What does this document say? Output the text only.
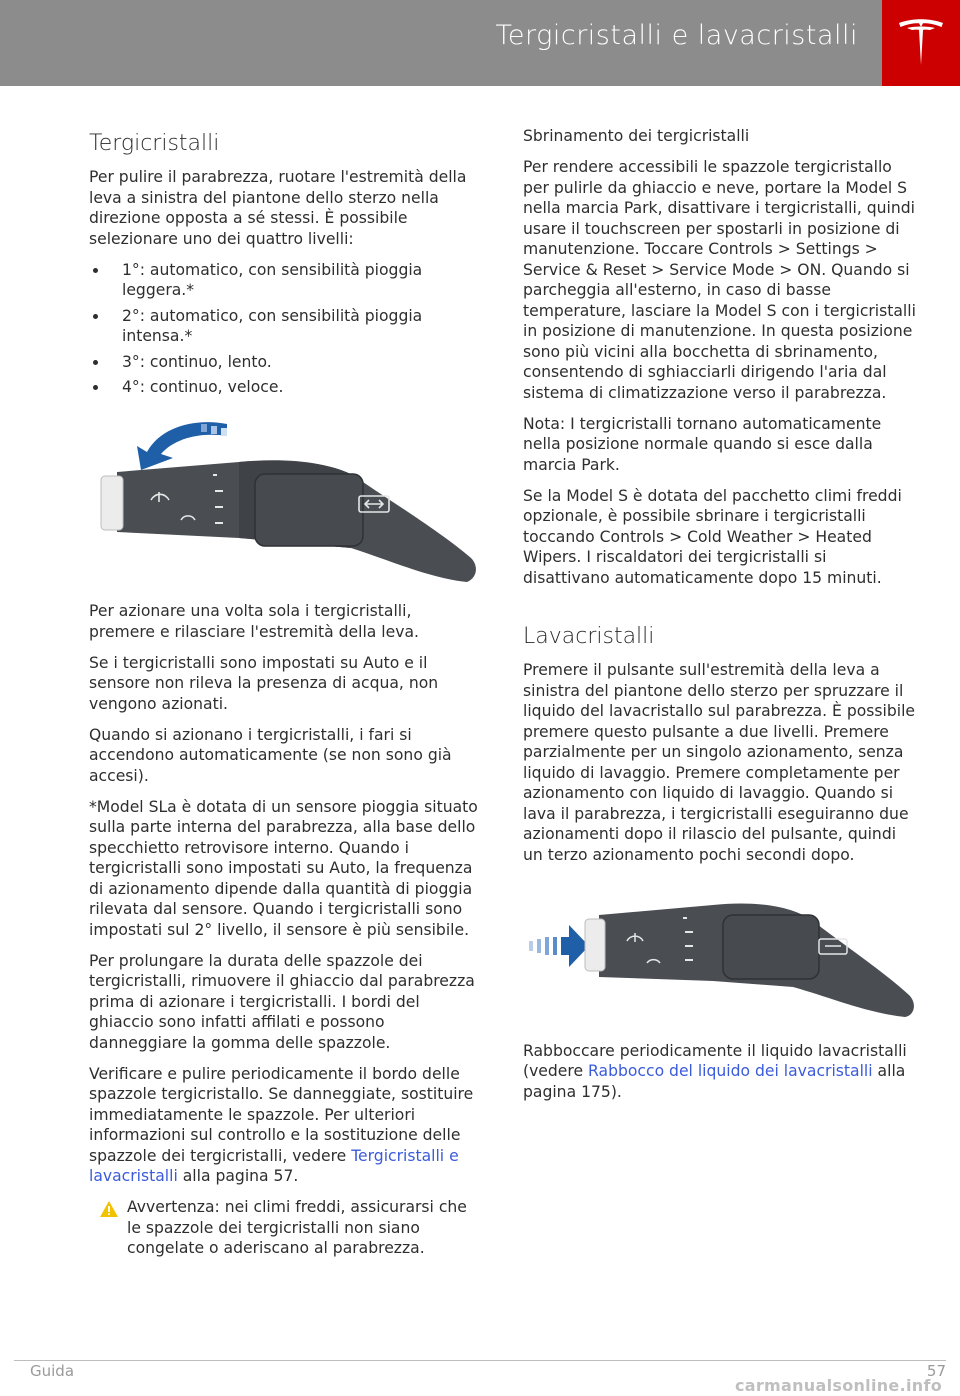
Tergicristalli e lavacristalli
Tergicristalli

Per pulire il parabrezza, ruotare l'estremità della leva a sinistra del piantone dello sterzo nella direzione opposta a sé stessi. È possibile selezionare uno dei quattro livelli:

1°: automatico, con sensibilità pioggia leggera.*
2°: automatico, con sensibilità pioggia intensa.*
3°: continuo, lento.
4°: continuo, veloce.

Per azionare una volta sola i tergicristalli, premere e rilasciare l'estremità della leva.

Se i tergicristalli sono impostati su Auto e il sensore non rileva la presenza di acqua, non vengono azionati.

Quando si azionano i tergicristalli, i fari si accendono automaticamente (se non sono già accesi).

*Model SLa è dotata di un sensore pioggia situato sulla parte interna del parabrezza, alla base dello specchietto retrovisore interno. Quando i tergicristalli sono impostati su Auto, la frequenza di azionamento dipende dalla quantità di pioggia rilevata dal sensore. Quando i tergicristalli sono impostati sul 2° livello, il sensore è più sensibile.

Per prolungare la durata delle spazzole dei tergicristalli, rimuovere il ghiaccio dal parabrezza prima di azionare i tergicristalli. I bordi del ghiaccio sono infatti affilati e possono danneggiare la gomma delle spazzole.

Verificare e pulire periodicamente il bordo delle spazzole tergicristallo. Se danneggiate, sostituire immediatamente le spazzole. Per ulteriori informazioni sul controllo e la sostituzione delle spazzole dei tergicristalli, vedere Tergicristalli e lavacristalli alla pagina 57.

Avvertenza: nei climi freddi, assicurarsi che le spazzole dei tergicristalli non siano congelate o aderiscano al parabrezza.

Sbrinamento dei tergicristalli

Per rendere accessibili le spazzole tergicristallo per pulirle da ghiaccio e neve, portare la Model S nella marcia Park, disattivare i tergicristalli, quindi usare il touchscreen per spostarli in posizione di manutenzione. Toccare Controls > Settings > Service & Reset > Service Mode > ON. Quando si parcheggia all'esterno, in caso di basse temperature, lasciare la Model S con i tergicristalli in posizione di manutenzione. In questa posizione sono più vicini alla bocchetta di sbrinamento, consentendo di sghiacciarli dirigendo l'aria dal sistema di climatizzazione verso il parabrezza.

Nota: I tergicristalli tornano automaticamente nella posizione normale quando si esce dalla marcia Park.

Se la Model S è dotata del pacchetto climi freddi opzionale, è possibile sbrinare i tergicristalli toccando Controls > Cold Weather > Heated Wipers. I riscaldatori dei tergicristalli si disattivano automaticamente dopo 15 minuti.

Lavacristalli

Premere il pulsante sull'estremità della leva a sinistra del piantone dello sterzo per spruzzare il liquido del lavacristallo sul parabrezza. È possibile premere questo pulsante a due livelli. Premere parzialmente per un singolo azionamento, senza liquido di lavaggio. Premere completamente per azionamento con liquido di lavaggio. Quando si lava il parabrezza, i tergicristalli eseguiranno due azionamenti dopo il rilascio del pulsante, quindi un terzo azionamento pochi secondi dopo.

Rabboccare periodicamente il liquido lavacristalli (vedere Rabbocco del liquido dei lavacristalli alla pagina 175).

Guida	57
carmanualsonline.info
